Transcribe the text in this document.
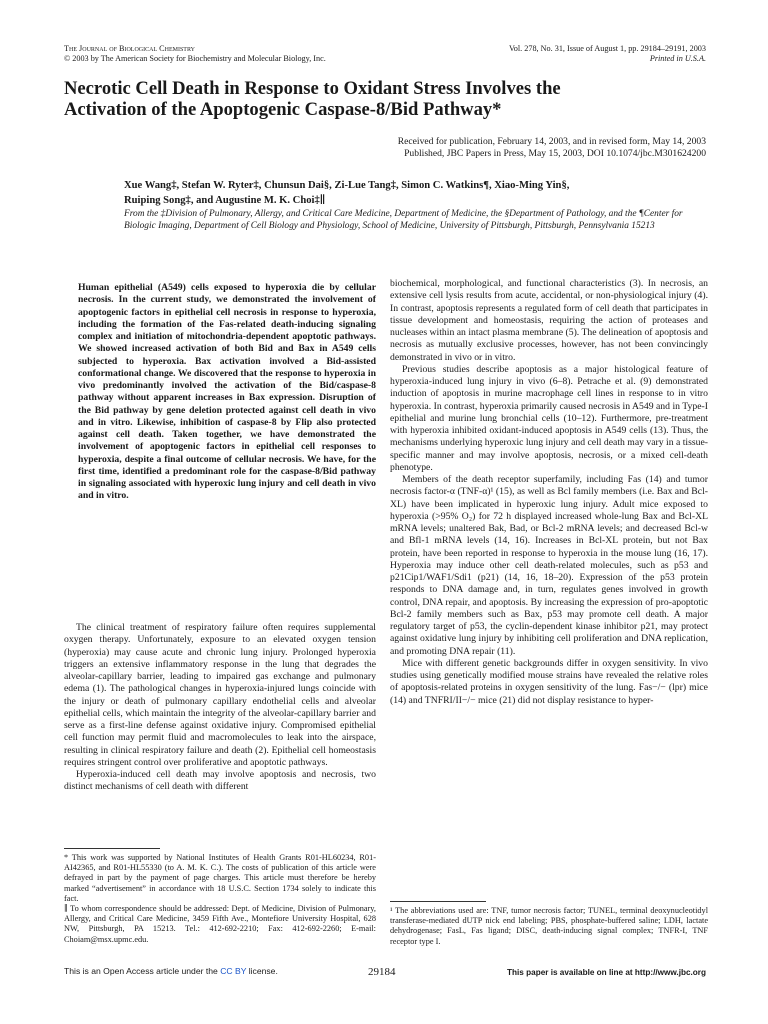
The Journal of Biological Chemistry
© 2003 by The American Society for Biochemistry and Molecular Biology, Inc.
Vol. 278, No. 31, Issue of August 1, pp. 29184–29191, 2003
Printed in U.S.A.
Necrotic Cell Death in Response to Oxidant Stress Involves the
Activation of the Apoptogenic Caspase-8/Bid Pathway*
Received for publication, February 14, 2003, and in revised form, May 14, 2003
Published, JBC Papers in Press, May 15, 2003, DOI 10.1074/jbc.M301624200
Xue Wang‡, Stefan W. Ryter‡, Chunsun Dai§, Zi-Lue Tang‡, Simon C. Watkins¶, Xiao-Ming Yin§,
Ruiping Song‡, and Augustine M. K. Choi‡∥
From the ‡Division of Pulmonary, Allergy, and Critical Care Medicine, Department of Medicine, the §Department of Pathology, and the ¶Center for Biologic Imaging, Department of Cell Biology and Physiology, School of Medicine, University of Pittsburgh, Pittsburgh, Pennsylvania 15213

Human epithelial (A549) cells exposed to hyperoxia die by cellular necrosis. In the current study, we demonstrated the involvement of apoptogenic factors in epithelial cell necrosis in response to hyperoxia, including the formation of the Fas-related death-inducing signaling complex and initiation of mitochondria-dependent apoptotic pathways. We showed increased activation of both Bid and Bax in A549 cells subjected to hyperoxia. Bax activation involved a Bid-assisted conformational change. We discovered that the response to hyperoxia in vivo predominantly involved the activation of the Bid/caspase-8 pathway without apparent increases in Bax expression. Disruption of the Bid pathway by gene deletion protected against cell death in vivo and in vitro. Likewise, inhibition of caspase-8 by Flip also protected against cell death. Taken together, we have demonstrated the involvement of apoptogenic factors in epithelial cell responses to hyperoxia, despite a final outcome of cellular necrosis. We have, for the first time, identified a predominant role for the caspase-8/Bid pathway in signaling associated with hyperoxic lung injury and cell death in vivo and in vitro.

The clinical treatment of respiratory failure often requires supplemental oxygen therapy. Unfortunately, exposure to an elevated oxygen tension (hyperoxia) may cause acute and chronic lung injury. Prolonged hyperoxia triggers an extensive inflammatory response in the lung that degrades the alveolar-capillary barrier, leading to impaired gas exchange and pulmonary edema (1). The pathological changes in hyperoxia-injured lungs coincide with the injury or death of pulmonary capillary endothelial cells and alveolar epithelial cells, which maintain the integrity of the alveolar-capillary barrier and serve as a first-line defense against oxidative injury. Compromised epithelial cell function may permit fluid and macromolecules to leak into the airspace, resulting in clinical respiratory failure and death (2). Epithelial cell homeostasis requires stringent control over proliferative and apoptotic pathways.

Hyperoxia-induced cell death may involve apoptosis and necrosis, two distinct mechanisms of cell death with different

* This work was supported by National Institutes of Health Grants R01-HL60234, R01-AI42365, and R01-HL55330 (to A. M. K. C.). The costs of publication of this article were defrayed in part by the payment of page charges. This article must therefore be hereby marked “advertisement” in accordance with 18 U.S.C. Section 1734 solely to indicate this fact.

∥ To whom correspondence should be addressed: Dept. of Medicine, Division of Pulmonary, Allergy, and Critical Care Medicine, 3459 Fifth Ave., Montefiore University Hospital, 628 NW, Pittsburgh, PA 15213. Tel.: 412-692-2210; Fax: 412-692-2260; E-mail: Choiam@msx.upmc.edu.

biochemical, morphological, and functional characteristics (3). In necrosis, an extensive cell lysis results from acute, accidental, or non-physiological injury (4). In contrast, apoptosis represents a regulated form of cell death that participates in tissue development and homeostasis, requiring the action of proteases and nucleases within an intact plasma membrane (5). The delineation of apoptosis and necrosis as mutually exclusive processes, however, has not been convincingly demonstrated in vivo or in vitro.

Previous studies describe apoptosis as a major histological feature of hyperoxia-induced lung injury in vivo (6–8). Petrache et al. (9) demonstrated induction of apoptosis in murine macrophage cell lines in response to in vitro hyperoxia. In contrast, hyperoxia primarily caused necrosis in A549 and in Type-I epithelial and murine lung bronchial cells (10–12). Furthermore, pre-treatment with hyperoxia inhibited oxidant-induced apoptosis in A549 cells (13). Thus, the mechanisms underlying hyperoxic lung injury and cell death may vary in a tissue-specific manner and may involve apoptosis, necrosis, or a mixed cell-death phenotype.

Members of the death receptor superfamily, including Fas (14) and tumor necrosis factor-α (TNF-α)¹ (15), as well as Bcl family members (i.e. Bax and Bcl-XL) have been implicated in hyperoxic lung injury. Adult mice exposed to hyperoxia (>95% O₂) for 72 h displayed increased whole-lung Bax and Bcl-XL mRNA levels; unaltered Bak, Bad, or Bcl-2 mRNA levels; and decreased Bcl-w and Bfl-1 mRNA levels (14, 16). Increases in Bcl-XL protein, but not Bax protein, have been reported in response to hyperoxia in the mouse lung (16, 17). Hyperoxia may induce other cell death-related molecules, such as p53 and p21Cip1/WAF1/Sdi1 (p21) (14, 16, 18–20). Expression of the p53 protein responds to DNA damage and, in turn, regulates genes involved in growth control, DNA repair, and apoptosis. By increasing the expression of pro-apoptotic Bcl-2 family members such as Bax, p53 may promote cell death. A major regulatory target of p53, the cyclin-dependent kinase inhibitor p21, may protect against oxidative lung injury by inhibiting cell proliferation and DNA replication, and promoting DNA repair (11).

Mice with different genetic backgrounds differ in oxygen sensitivity. In vivo studies using genetically modified mouse strains have revealed the relative roles of apoptosis-related proteins in oxygen sensitivity of the lung. Fas−/− (lpr) mice (14) and TNFRI/II−/− mice (21) did not display resistance to hyper-

¹ The abbreviations used are: TNF, tumor necrosis factor; TUNEL, terminal deoxynucleotidyl transferase-mediated dUTP nick end labeling; PBS, phosphate-buffered saline; LDH, lactate dehydrogenase; FasL, Fas ligand; DISC, death-inducing signal complex; TNFR-I, TNF receptor type I.

This is an Open Access article under the CC BY license.	29184	This paper is available on line at http://www.jbc.org
